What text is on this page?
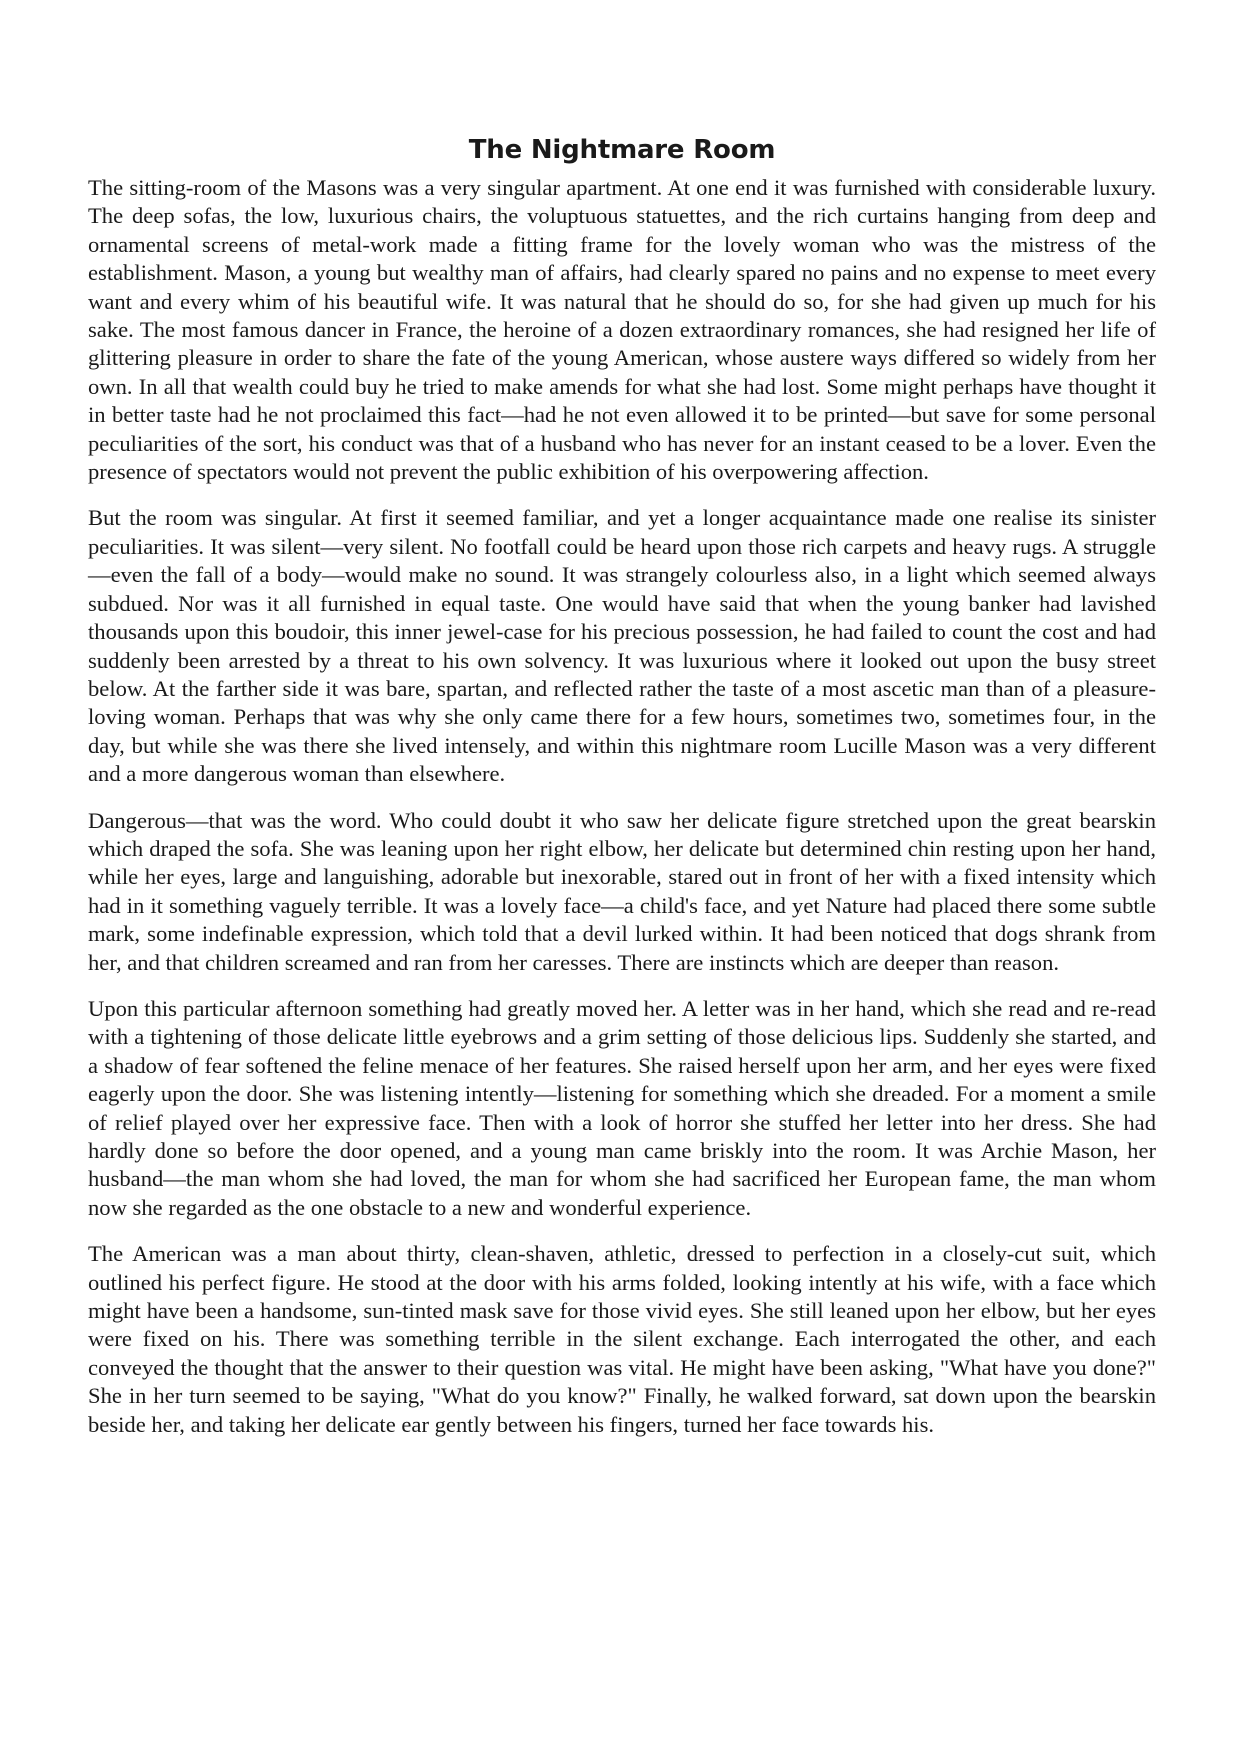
The Nightmare Room

The sitting-room of the Masons was a very singular apartment. At one end it was furnished with considerable luxury. The deep sofas, the low, luxurious chairs, the voluptuous statuettes, and the rich curtains hanging from deep and ornamental screens of metal-work made a fitting frame for the lovely woman who was the mistress of the establishment. Mason, a young but wealthy man of affairs, had clearly spared no pains and no expense to meet every want and every whim of his beautiful wife. It was natural that he should do so, for she had given up much for his sake. The most famous dancer in France, the heroine of a dozen extraordinary romances, she had resigned her life of glittering pleasure in order to share the fate of the young American, whose austere ways differed so widely from her own. In all that wealth could buy he tried to make amends for what she had lost. Some might perhaps have thought it in better taste had he not proclaimed this fact—had he not even allowed it to be printed—but save for some personal peculiarities of the sort, his conduct was that of a husband who has never for an instant ceased to be a lover. Even the presence of spectators would not prevent the public exhibition of his overpowering affection.

But the room was singular. At first it seemed familiar, and yet a longer acquaintance made one realise its sinister peculiarities. It was silent—very silent. No footfall could be heard upon those rich carpets and heavy rugs. A struggle—even the fall of a body—would make no sound. It was strangely colourless also, in a light which seemed always subdued. Nor was it all furnished in equal taste. One would have said that when the young banker had lavished thousands upon this boudoir, this inner jewel-case for his precious possession, he had failed to count the cost and had suddenly been arrested by a threat to his own solvency. It was luxurious where it looked out upon the busy street below. At the farther side it was bare, spartan, and reflected rather the taste of a most ascetic man than of a pleasure-loving woman. Perhaps that was why she only came there for a few hours, sometimes two, sometimes four, in the day, but while she was there she lived intensely, and within this nightmare room Lucille Mason was a very different and a more dangerous woman than elsewhere.

Dangerous—that was the word. Who could doubt it who saw her delicate figure stretched upon the great bearskin which draped the sofa. She was leaning upon her right elbow, her delicate but determined chin resting upon her hand, while her eyes, large and languishing, adorable but inexorable, stared out in front of her with a fixed intensity which had in it something vaguely terrible. It was a lovely face—a child's face, and yet Nature had placed there some subtle mark, some indefinable expression, which told that a devil lurked within. It had been noticed that dogs shrank from her, and that children screamed and ran from her caresses. There are instincts which are deeper than reason.

Upon this particular afternoon something had greatly moved her. A letter was in her hand, which she read and re-read with a tightening of those delicate little eyebrows and a grim setting of those delicious lips. Suddenly she started, and a shadow of fear softened the feline menace of her features. She raised herself upon her arm, and her eyes were fixed eagerly upon the door. She was listening intently—listening for something which she dreaded. For a moment a smile of relief played over her expressive face. Then with a look of horror she stuffed her letter into her dress. She had hardly done so before the door opened, and a young man came briskly into the room. It was Archie Mason, her husband—the man whom she had loved, the man for whom she had sacrificed her European fame, the man whom now she regarded as the one obstacle to a new and wonderful experience.

The American was a man about thirty, clean-shaven, athletic, dressed to perfection in a closely-cut suit, which outlined his perfect figure. He stood at the door with his arms folded, looking intently at his wife, with a face which might have been a handsome, sun-tinted mask save for those vivid eyes. She still leaned upon her elbow, but her eyes were fixed on his. There was something terrible in the silent exchange. Each interrogated the other, and each conveyed the thought that the answer to their question was vital. He might have been asking, "What have you done?" She in her turn seemed to be saying, "What do you know?" Finally, he walked forward, sat down upon the bearskin beside her, and taking her delicate ear gently between his fingers, turned her face towards his.
